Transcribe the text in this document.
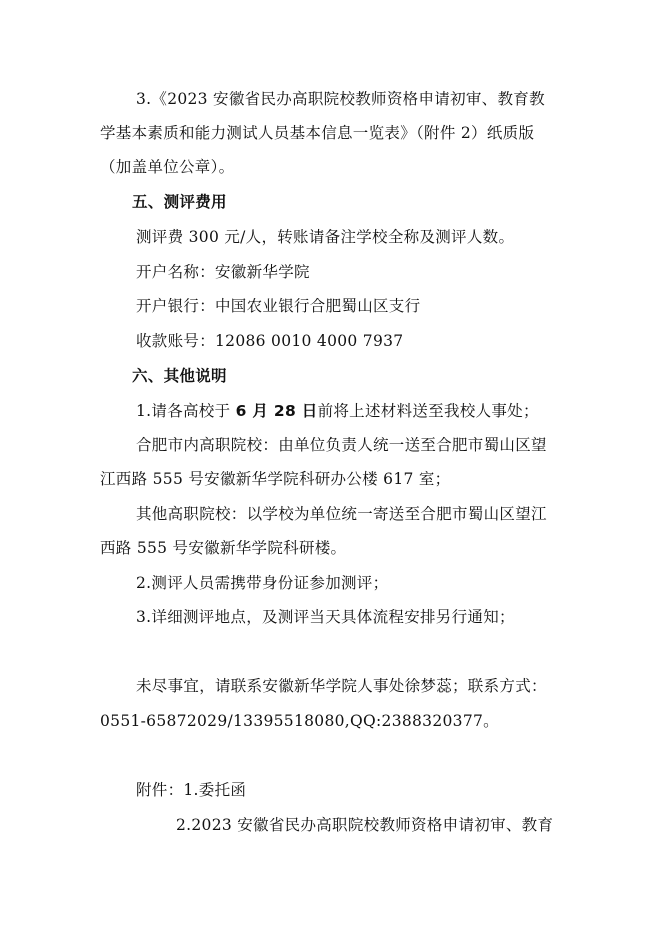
3.《2023 安徽省民办高职院校教师资格申请初审、教育教
学基本素质和能力测试人员基本信息一览表》（附件 2）纸质版
（加盖单位公章）。
五、测评费用
测评费 300 元/人，转账请备注学校全称及测评人数。
开户名称：安徽新华学院
开户银行：中国农业银行合肥蜀山区支行
收款账号：12086 0010 4000 7937
六、其他说明
1.请各高校于 6 月 28 日前将上述材料送至我校人事处；
合肥市内高职院校：由单位负责人统一送至合肥市蜀山区望
江西路 555 号安徽新华学院科研办公楼 617 室；
其他高职院校：以学校为单位统一寄送至合肥市蜀山区望江
西路 555 号安徽新华学院科研楼。
2.测评人员需携带身份证参加测评；
3.详细测评地点，及测评当天具体流程安排另行通知；
未尽事宜，请联系安徽新华学院人事处徐梦蕊；联系方式：
0551-65872029/13395518080,QQ:2388320377。
附件：1.委托函
2.2023 安徽省民办高职院校教师资格申请初审、教育
